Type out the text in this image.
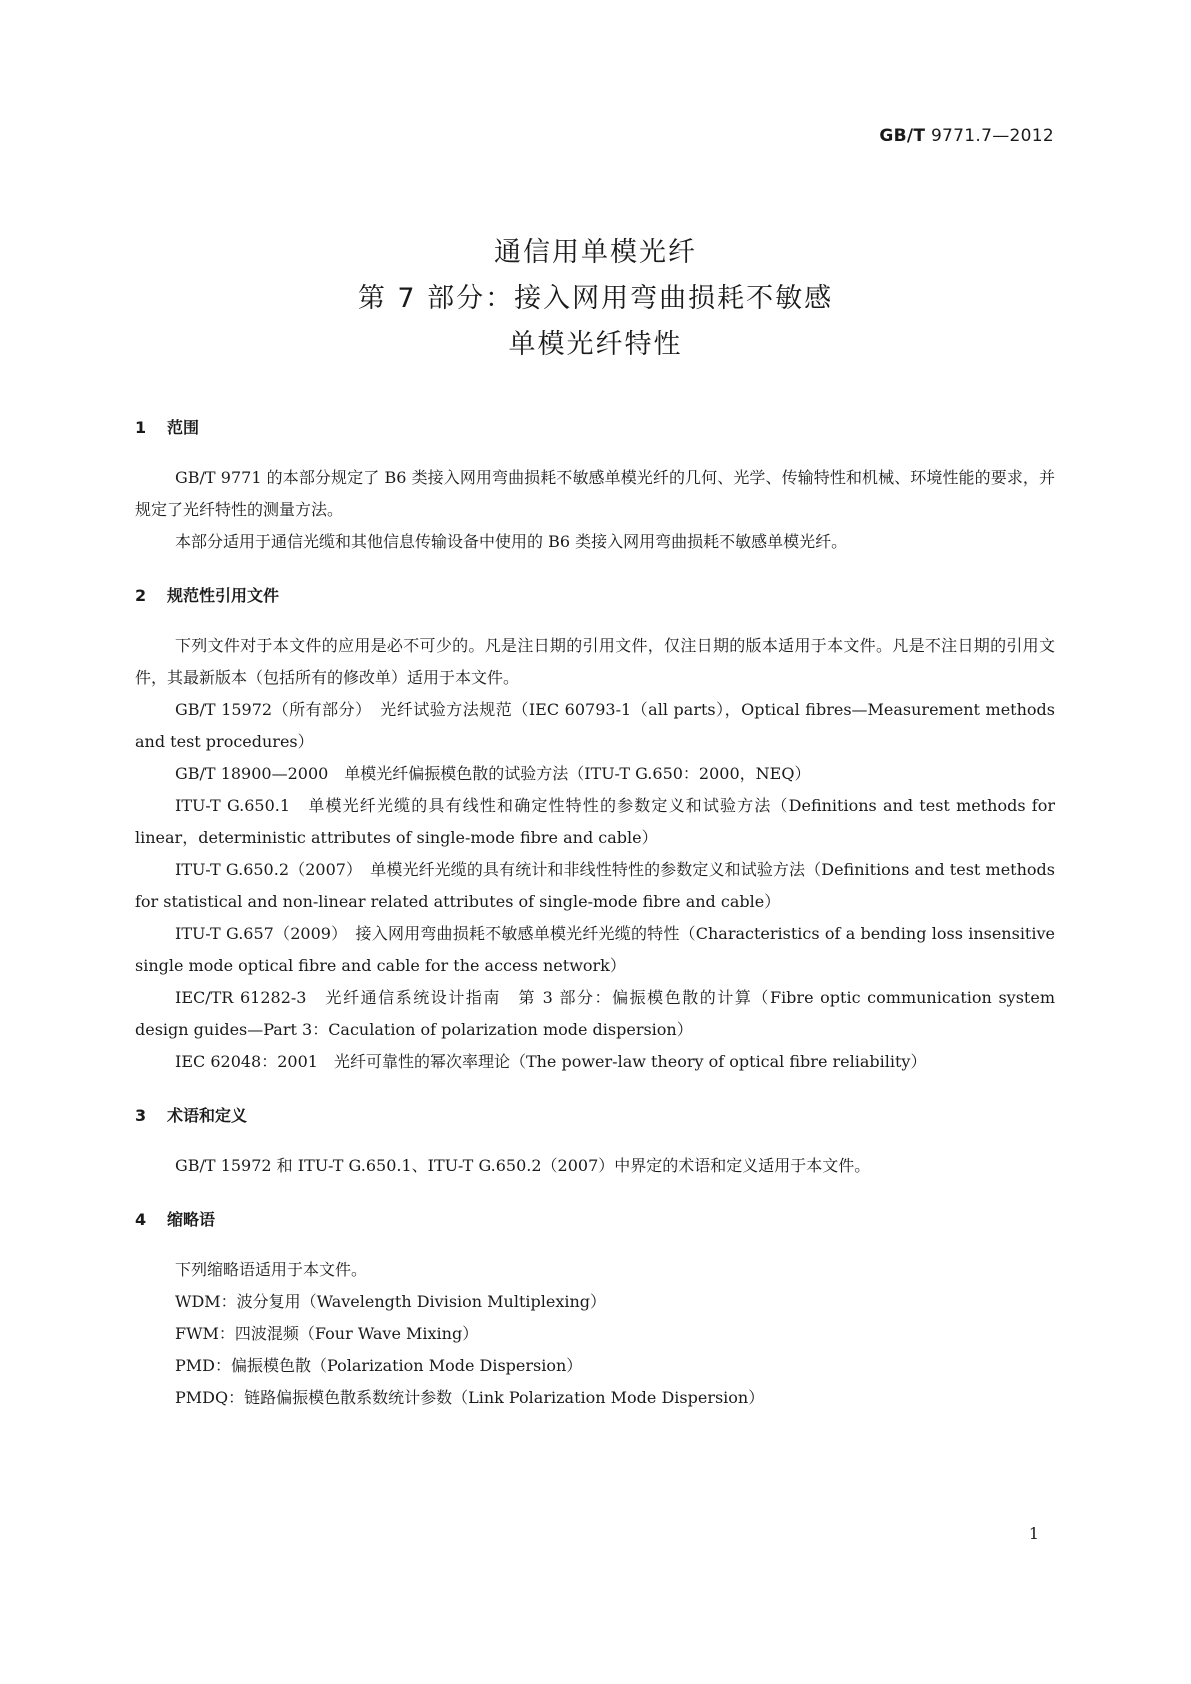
GB/T 9771.7—2012
通信用单模光纤
第 7 部分：接入网用弯曲损耗不敏感
单模光纤特性
1 范围

GB/T 9771 的本部分规定了 B6 类接入网用弯曲损耗不敏感单模光纤的几何、光学、传输特性和机械、环境性能的要求，并规定了光纤特性的测量方法。

本部分适用于通信光缆和其他信息传输设备中使用的 B6 类接入网用弯曲损耗不敏感单模光纤。

2 规范性引用文件

下列文件对于本文件的应用是必不可少的。凡是注日期的引用文件，仅注日期的版本适用于本文件。凡是不注日期的引用文件，其最新版本（包括所有的修改单）适用于本文件。

GB/T 15972（所有部分）　光纤试验方法规范（IEC 60793-1（all parts），Optical fibres—Measurement methods and test procedures）

GB/T 18900—2000　单模光纤偏振模色散的试验方法（ITU-T G.650：2000，NEQ）

ITU-T G.650.1　单模光纤光缆的具有线性和确定性特性的参数定义和试验方法（Definitions and test methods for linear，deterministic attributes of single-mode fibre and cable）

ITU-T G.650.2（2007）　单模光纤光缆的具有统计和非线性特性的参数定义和试验方法（Definitions and test methods for statistical and non-linear related attributes of single-mode fibre and cable）

ITU-T G.657（2009）　接入网用弯曲损耗不敏感单模光纤光缆的特性（Characteristics of a bending loss insensitive single mode optical fibre and cable for the access network）

IEC/TR 61282-3　光纤通信系统设计指南　第 3 部分：偏振模色散的计算（Fibre optic communication system design guides—Part 3：Caculation of polarization mode dispersion）

IEC 62048：2001　光纤可靠性的幂次率理论（The power-law theory of optical fibre reliability）

3 术语和定义

GB/T 15972 和 ITU-T G.650.1、ITU-T G.650.2（2007）中界定的术语和定义适用于本文件。

4 缩略语

下列缩略语适用于本文件。

WDM：波分复用（Wavelength Division Multiplexing）

FWM：四波混频（Four Wave Mixing）

PMD：偏振模色散（Polarization Mode Dispersion）

PMDQ：链路偏振模色散系数统计参数（Link Polarization Mode Dispersion）

1
